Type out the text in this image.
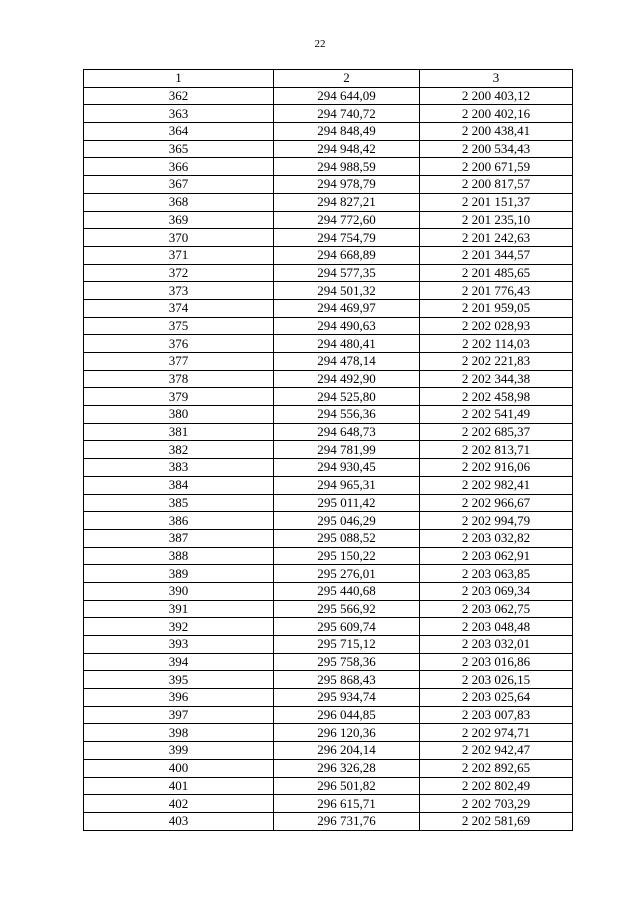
22
1	2	3
362	294 644,09	2 200 403,12
363	294 740,72	2 200 402,16
364	294 848,49	2 200 438,41
365	294 948,42	2 200 534,43
366	294 988,59	2 200 671,59
367	294 978,79	2 200 817,57
368	294 827,21	2 201 151,37
369	294 772,60	2 201 235,10
370	294 754,79	2 201 242,63
371	294 668,89	2 201 344,57
372	294 577,35	2 201 485,65
373	294 501,32	2 201 776,43
374	294 469,97	2 201 959,05
375	294 490,63	2 202 028,93
376	294 480,41	2 202 114,03
377	294 478,14	2 202 221,83
378	294 492,90	2 202 344,38
379	294 525,80	2 202 458,98
380	294 556,36	2 202 541,49
381	294 648,73	2 202 685,37
382	294 781,99	2 202 813,71
383	294 930,45	2 202 916,06
384	294 965,31	2 202 982,41
385	295 011,42	2 202 966,67
386	295 046,29	2 202 994,79
387	295 088,52	2 203 032,82
388	295 150,22	2 203 062,91
389	295 276,01	2 203 063,85
390	295 440,68	2 203 069,34
391	295 566,92	2 203 062,75
392	295 609,74	2 203 048,48
393	295 715,12	2 203 032,01
394	295 758,36	2 203 016,86
395	295 868,43	2 203 026,15
396	295 934,74	2 203 025,64
397	296 044,85	2 203 007,83
398	296 120,36	2 202 974,71
399	296 204,14	2 202 942,47
400	296 326,28	2 202 892,65
401	296 501,82	2 202 802,49
402	296 615,71	2 202 703,29
403	296 731,76	2 202 581,69
